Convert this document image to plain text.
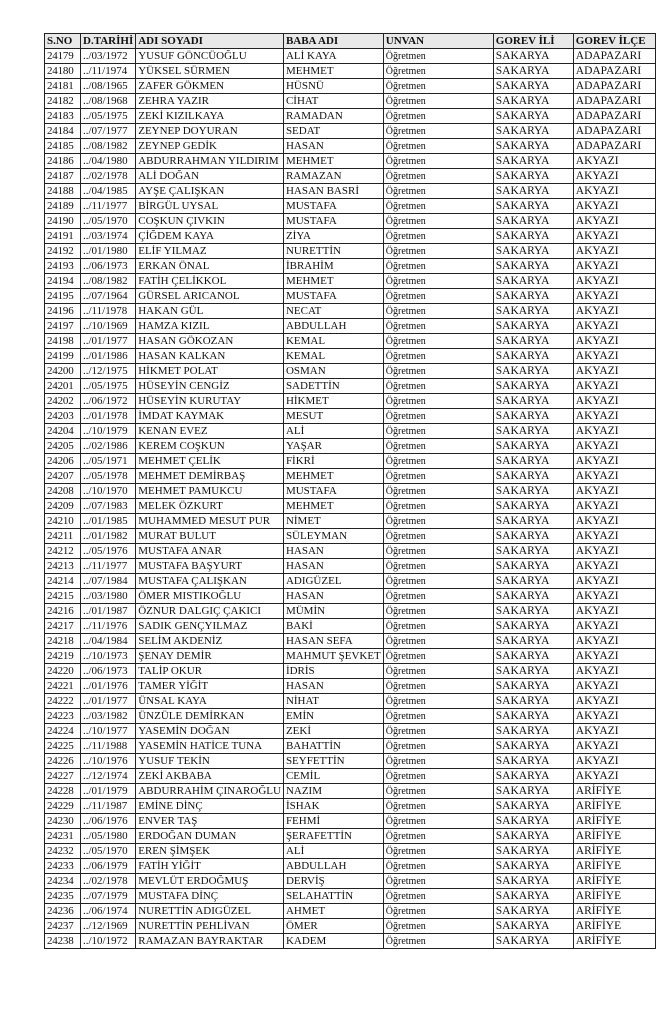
S.NO	D.TARİHİ	ADI SOYADI	BABA ADI	UNVAN	GOREV İLİ	GOREV İLÇE
24179	../03/1972	YUSUF GÖNCÜOĞLU	ALİ KAYA	Öğretmen	SAKARYA	ADAPAZARI
24180	../11/1974	YÜKSEL SÜRMEN	MEHMET	Öğretmen	SAKARYA	ADAPAZARI
24181	../08/1965	ZAFER GÖKMEN	HÜSNÜ	Öğretmen	SAKARYA	ADAPAZARI
24182	../08/1968	ZEHRA YAZIR	CİHAT	Öğretmen	SAKARYA	ADAPAZARI
24183	../05/1975	ZEKİ KIZILKAYA	RAMADAN	Öğretmen	SAKARYA	ADAPAZARI
24184	../07/1977	ZEYNEP DOYURAN	SEDAT	Öğretmen	SAKARYA	ADAPAZARI
24185	../08/1982	ZEYNEP GEDİK	HASAN	Öğretmen	SAKARYA	ADAPAZARI
24186	../04/1980	ABDURRAHMAN YILDIRIM	MEHMET	Öğretmen	SAKARYA	AKYAZI
24187	../02/1978	ALİ DOĞAN	RAMAZAN	Öğretmen	SAKARYA	AKYAZI
24188	../04/1985	AYŞE ÇALIŞKAN	HASAN BASRİ	Öğretmen	SAKARYA	AKYAZI
24189	../11/1977	BİRGÜL UYSAL	MUSTAFA	Öğretmen	SAKARYA	AKYAZI
24190	../05/1970	COŞKUN ÇIVKIN	MUSTAFA	Öğretmen	SAKARYA	AKYAZI
24191	../03/1974	ÇİĞDEM KAYA	ZİYA	Öğretmen	SAKARYA	AKYAZI
24192	../01/1980	ELİF YILMAZ	NURETTİN	Öğretmen	SAKARYA	AKYAZI
24193	../06/1973	ERKAN ÖNAL	İBRAHİM	Öğretmen	SAKARYA	AKYAZI
24194	../08/1982	FATİH ÇELİKKOL	MEHMET	Öğretmen	SAKARYA	AKYAZI
24195	../07/1964	GÜRSEL ARICANOL	MUSTAFA	Öğretmen	SAKARYA	AKYAZI
24196	../11/1978	HAKAN GÜL	NECAT	Öğretmen	SAKARYA	AKYAZI
24197	../10/1969	HAMZA KIZIL	ABDULLAH	Öğretmen	SAKARYA	AKYAZI
24198	../01/1977	HASAN GÖKOZAN	KEMAL	Öğretmen	SAKARYA	AKYAZI
24199	../01/1986	HASAN KALKAN	KEMAL	Öğretmen	SAKARYA	AKYAZI
24200	../12/1975	HİKMET POLAT	OSMAN	Öğretmen	SAKARYA	AKYAZI
24201	../05/1975	HÜSEYİN CENGİZ	SADETTİN	Öğretmen	SAKARYA	AKYAZI
24202	../06/1972	HÜSEYİN KURUTAY	HİKMET	Öğretmen	SAKARYA	AKYAZI
24203	../01/1978	İMDAT KAYMAK	MESUT	Öğretmen	SAKARYA	AKYAZI
24204	../10/1979	KENAN EVEZ	ALİ	Öğretmen	SAKARYA	AKYAZI
24205	../02/1986	KEREM COŞKUN	YAŞAR	Öğretmen	SAKARYA	AKYAZI
24206	../05/1971	MEHMET ÇELİK	FİKRİ	Öğretmen	SAKARYA	AKYAZI
24207	../05/1978	MEHMET DEMİRBAŞ	MEHMET	Öğretmen	SAKARYA	AKYAZI
24208	../10/1970	MEHMET PAMUKCU	MUSTAFA	Öğretmen	SAKARYA	AKYAZI
24209	../07/1983	MELEK ÖZKURT	MEHMET	Öğretmen	SAKARYA	AKYAZI
24210	../01/1985	MUHAMMED MESUT PUR	NİMET	Öğretmen	SAKARYA	AKYAZI
24211	../01/1982	MURAT BULUT	SÜLEYMAN	Öğretmen	SAKARYA	AKYAZI
24212	../05/1976	MUSTAFA ANAR	HASAN	Öğretmen	SAKARYA	AKYAZI
24213	../11/1977	MUSTAFA BAŞYURT	HASAN	Öğretmen	SAKARYA	AKYAZI
24214	../07/1984	MUSTAFA ÇALIŞKAN	ADIGÜZEL	Öğretmen	SAKARYA	AKYAZI
24215	../03/1980	ÖMER MISTIKOĞLU	HASAN	Öğretmen	SAKARYA	AKYAZI
24216	../01/1987	ÖZNUR DALGIÇ ÇAKICI	MÜMİN	Öğretmen	SAKARYA	AKYAZI
24217	../11/1976	SADIK GENÇYILMAZ	BAKİ	Öğretmen	SAKARYA	AKYAZI
24218	../04/1984	SELİM AKDENİZ	HASAN SEFA	Öğretmen	SAKARYA	AKYAZI
24219	../10/1973	ŞENAY DEMİR	MAHMUT ŞEVKET	Öğretmen	SAKARYA	AKYAZI
24220	../06/1973	TALİP OKUR	İDRİS	Öğretmen	SAKARYA	AKYAZI
24221	../01/1976	TAMER YİĞİT	HASAN	Öğretmen	SAKARYA	AKYAZI
24222	../01/1977	ÜNSAL KAYA	NİHAT	Öğretmen	SAKARYA	AKYAZI
24223	../03/1982	ÜNZÜLE DEMİRKAN	EMİN	Öğretmen	SAKARYA	AKYAZI
24224	../10/1977	YASEMİN DOĞAN	ZEKİ	Öğretmen	SAKARYA	AKYAZI
24225	../11/1988	YASEMİN HATİCE TUNA	BAHATTİN	Öğretmen	SAKARYA	AKYAZI
24226	../10/1976	YUSUF TEKİN	SEYFETTİN	Öğretmen	SAKARYA	AKYAZI
24227	../12/1974	ZEKİ AKBABA	CEMİL	Öğretmen	SAKARYA	AKYAZI
24228	../01/1979	ABDURRAHİM ÇINAROĞLU	NAZIM	Öğretmen	SAKARYA	ARİFİYE
24229	../11/1987	EMİNE DİNÇ	İSHAK	Öğretmen	SAKARYA	ARİFİYE
24230	../06/1976	ENVER TAŞ	FEHMİ	Öğretmen	SAKARYA	ARİFİYE
24231	../05/1980	ERDOĞAN DUMAN	ŞERAFETTİN	Öğretmen	SAKARYA	ARİFİYE
24232	../05/1970	EREN ŞİMŞEK	ALİ	Öğretmen	SAKARYA	ARİFİYE
24233	../06/1979	FATİH YİĞİT	ABDULLAH	Öğretmen	SAKARYA	ARİFİYE
24234	../02/1978	MEVLÜT ERDOĞMUŞ	DERVİŞ	Öğretmen	SAKARYA	ARİFİYE
24235	../07/1979	MUSTAFA DİNÇ	SELAHATTİN	Öğretmen	SAKARYA	ARİFİYE
24236	../06/1974	NURETTİN ADIGÜZEL	AHMET	Öğretmen	SAKARYA	ARİFİYE
24237	../12/1969	NURETTİN PEHLİVAN	ÖMER	Öğretmen	SAKARYA	ARİFİYE
24238	../10/1972	RAMAZAN BAYRAKTAR	KADEM	Öğretmen	SAKARYA	ARİFİYE
